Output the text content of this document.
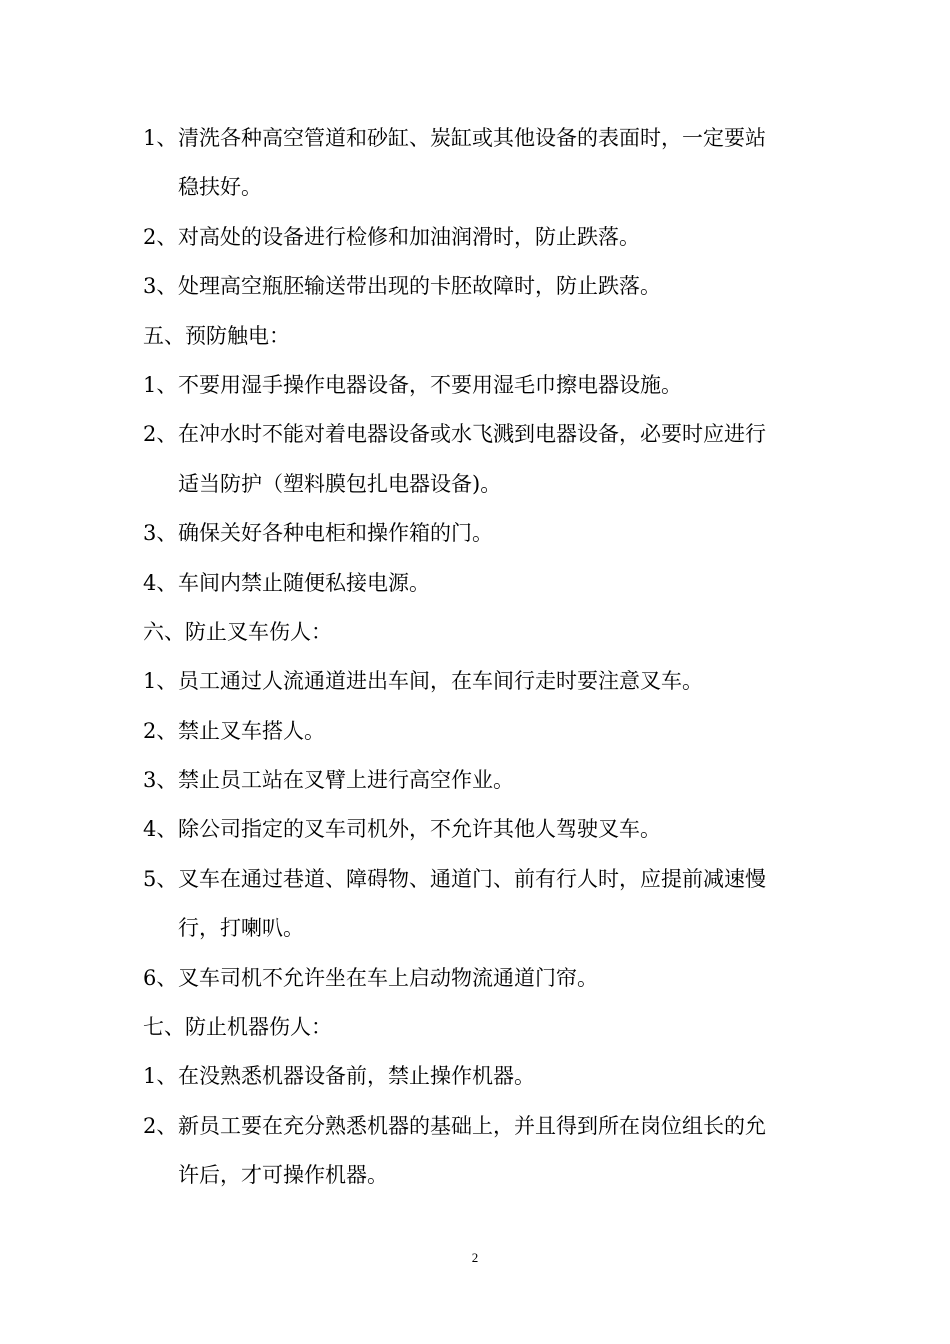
1、 清洗各种高空管道和砂缸、炭缸或其他设备的表面时，一定要站
稳扶好。
2、 对高处的设备进行检修和加油润滑时，防止跌落。
3、 处理高空瓶胚输送带出现的卡胚故障时，防止跌落。
五、预防触电：
1、 不要用湿手操作电器设备，不要用湿毛巾擦电器设施。
2、 在冲水时不能对着电器设备或水飞溅到电器设备，必要时应进行
适当防护（塑料膜包扎电器设备)。
3、 确保关好各种电柜和操作箱的门。
4、 车间内禁止随便私接电源。
六、防止叉车伤人：
1、 员工通过人流通道进出车间，在车间行走时要注意叉车。
2、 禁止叉车搭人。
3、 禁止员工站在叉臂上进行高空作业。
4、 除公司指定的叉车司机外，不允许其他人驾驶叉车。
5、 叉车在通过巷道、障碍物、通道门、前有行人时，应提前减速慢
行，打喇叭。
6、 叉车司机不允许坐在车上启动物流通道门帘。
七、防止机器伤人：
1、 在没熟悉机器设备前，禁止操作机器。
2、 新员工要在充分熟悉机器的基础上，并且得到所在岗位组长的允
许后，才可操作机器。
2
